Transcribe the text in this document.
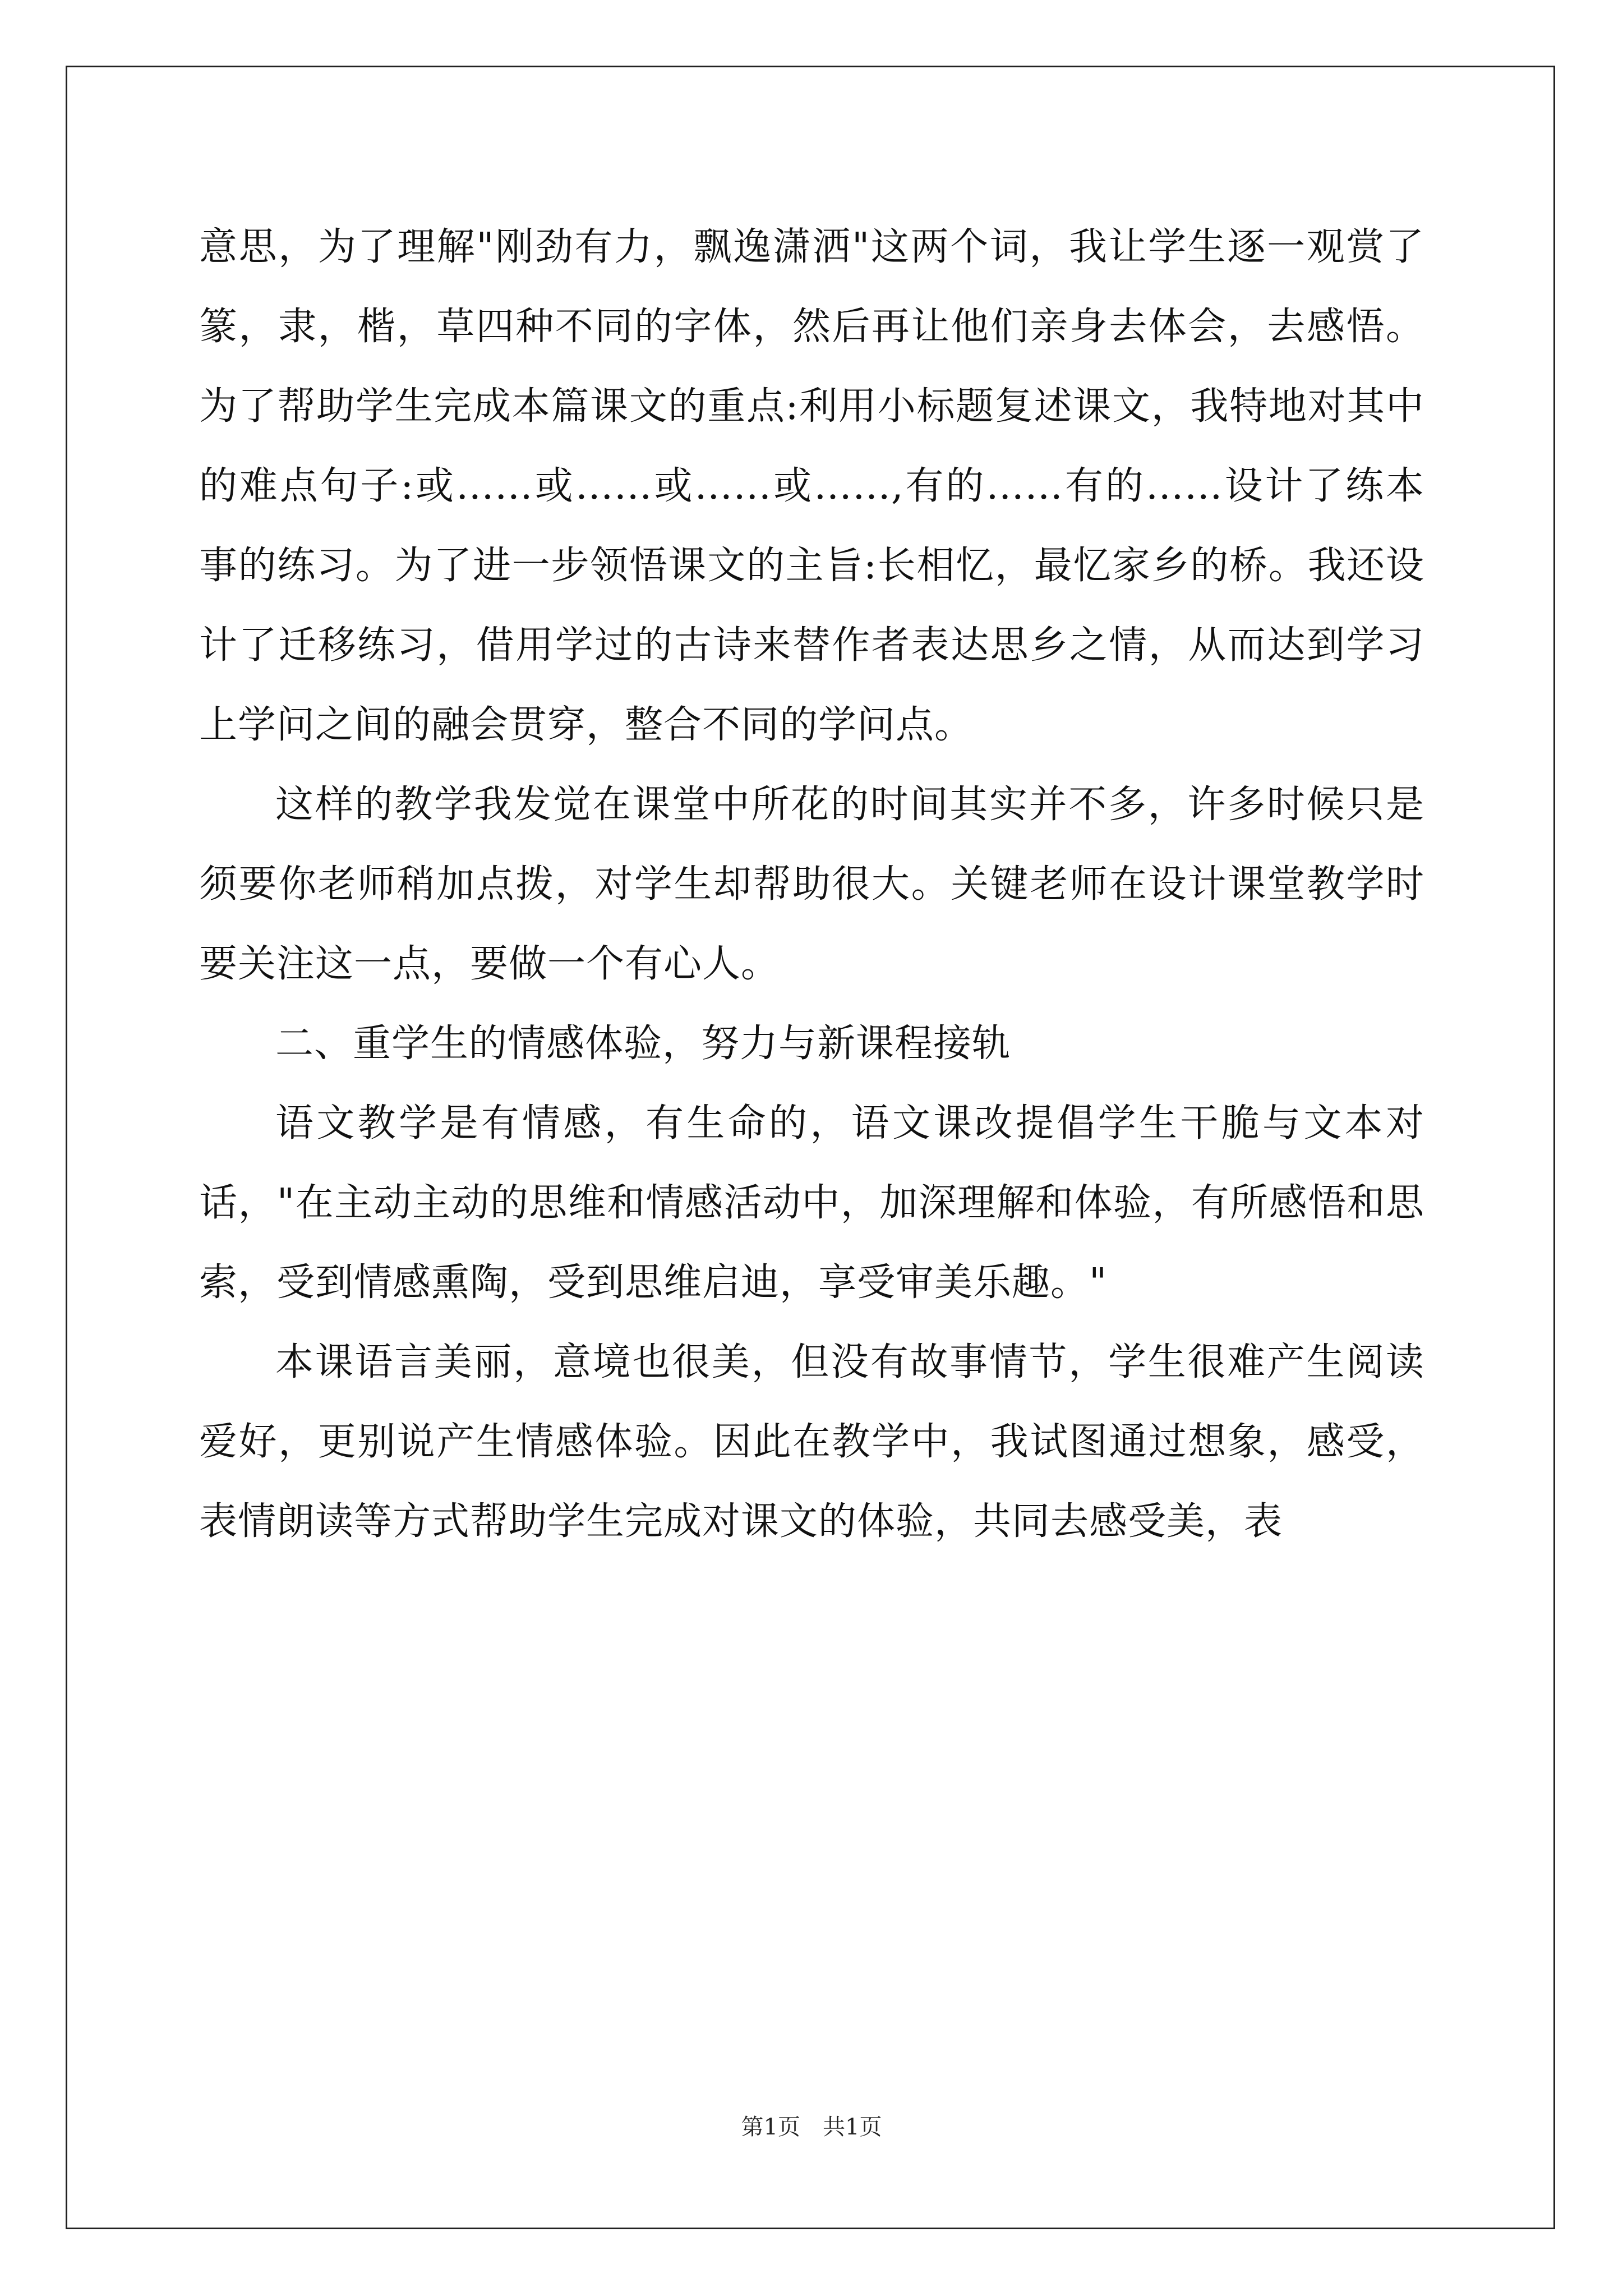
意思，为了理解"刚劲有力，飘逸潇洒"这两个词，我让学生逐一观赏了篆，隶，楷，草四种不同的字体，然后再让他们亲身去体会，去感悟。为了帮助学生完成本篇课文的重点:利用小标题复述课文，我特地对其中的难点句子:或……或……或……或……,有的……有的……设计了练本事的练习。为了进一步领悟课文的主旨:长相忆，最忆家乡的桥。我还设计了迁移练习，借用学过的古诗来替作者表达思乡之情，从而达到学习上学问之间的融会贯穿，整合不同的学问点。

这样的教学我发觉在课堂中所花的时间其实并不多，许多时候只是须要你老师稍加点拨，对学生却帮助很大。关键老师在设计课堂教学时要关注这一点，要做一个有心人。

二、重学生的情感体验，努力与新课程接轨

语文教学是有情感，有生命的，语文课改提倡学生干脆与文本对话，"在主动主动的思维和情感活动中，加深理解和体验，有所感悟和思索，受到情感熏陶，受到思维启迪，享受审美乐趣。"

本课语言美丽，意境也很美，但没有故事情节，学生很难产生阅读爱好，更别说产生情感体验。因此在教学中，我试图通过想象，感受，表情朗读等方式帮助学生完成对课文的体验，共同去感受美，表

第1页　共1页
